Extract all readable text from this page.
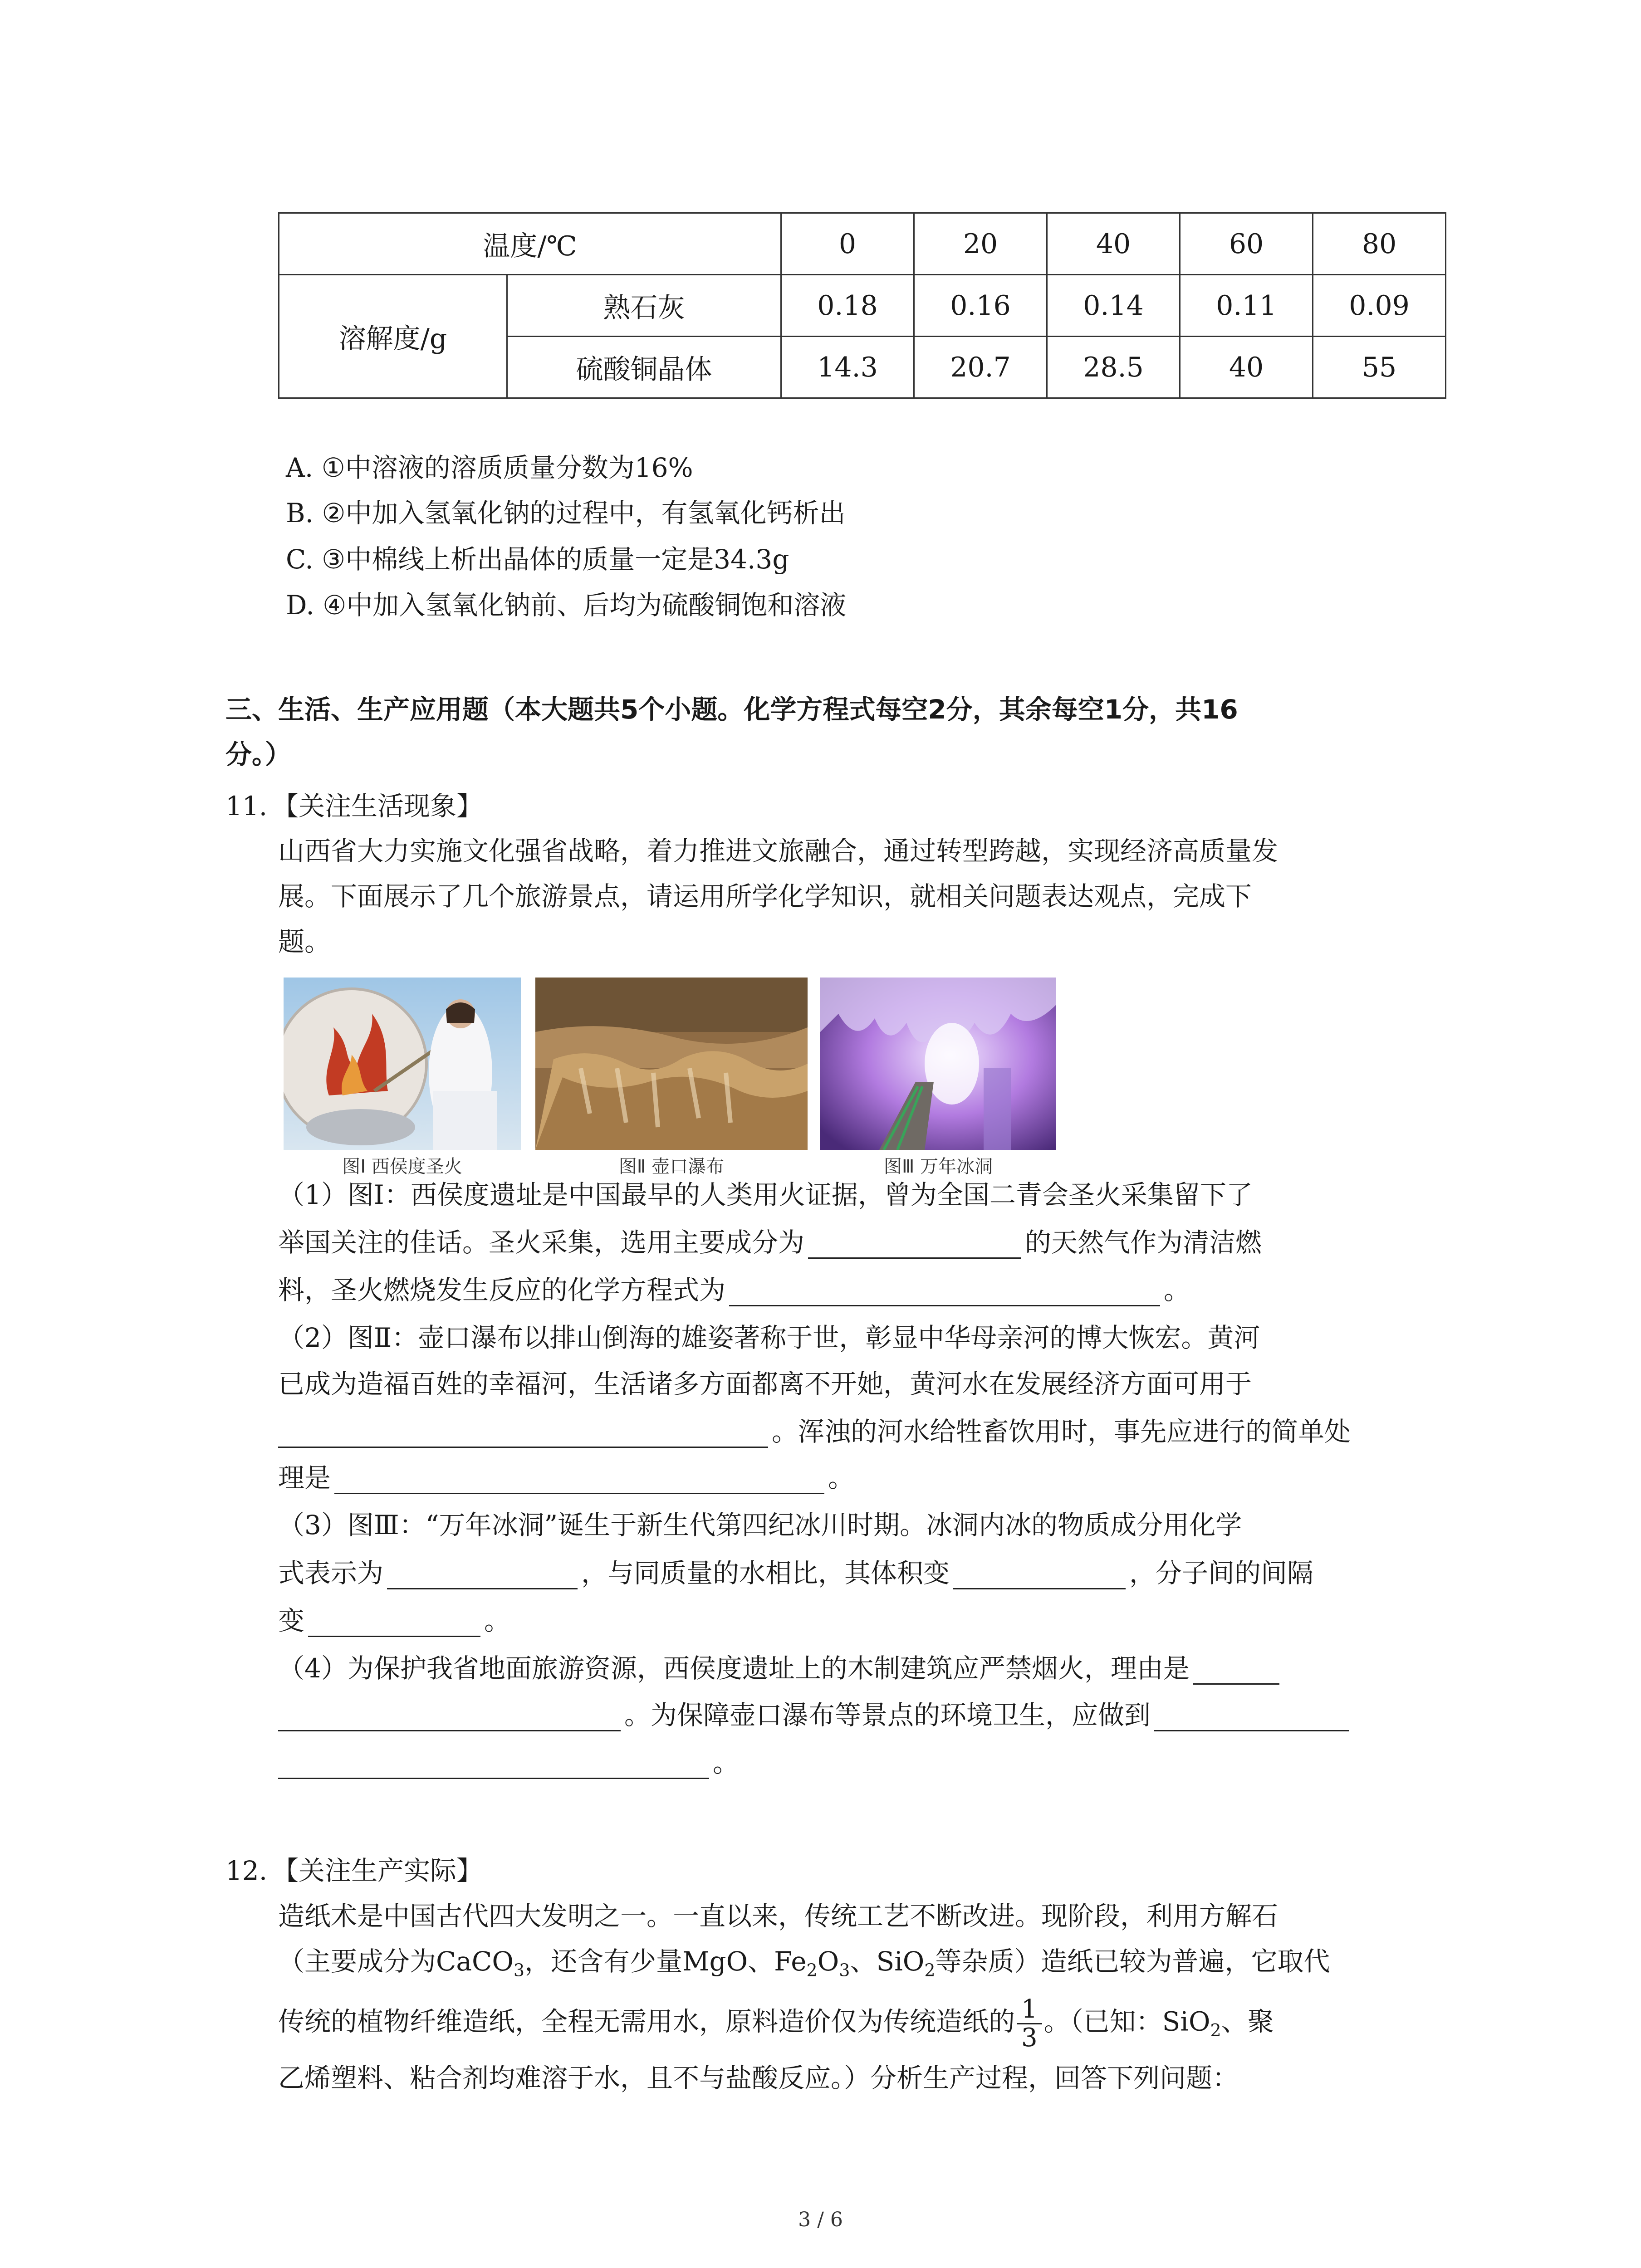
温度/℃		0	20	40	60	80
溶解度/g	熟石灰	0.18	0.16	0.14	0.11	0.09
	硫酸铜晶体	14.3	20.7	28.5	40	55
A. ①中溶液的溶质质量分数为16%
B. ②中加入氢氧化钠的过程中，有氢氧化钙析出
C. ③中棉线上析出晶体的质量一定是34.3g
D. ④中加入氢氧化钠前、后均为硫酸铜饱和溶液
三、生活、生产应用题（本大题共5个小题。化学方程式每空2分，其余每空1分，共16
分。）
11. 【关注生活现象】
山西省大力实施文化强省战略，着力推进文旅融合，通过转型跨越，实现经济高质量发
展。下面展示了几个旅游景点，请运用所学化学知识，就相关问题表达观点，完成下
题。
图Ⅰ 西侯度圣火	图Ⅱ 壶口瀑布	图Ⅲ 万年冰洞
（1）图Ⅰ：西侯度遗址是中国最早的人类用火证据，曾为全国二青会圣火采集留下了
举国关注的佳话。圣火采集，选用主要成分为	的天然气作为清洁燃
料，圣火燃烧发生反应的化学方程式为	。
（2）图Ⅱ：壶口瀑布以排山倒海的雄姿著称于世，彰显中华母亲河的博大恢宏。黄河
已成为造福百姓的幸福河，生活诸多方面都离不开她，黄河水在发展经济方面可用于
。浑浊的河水给牲畜饮用时，事先应进行的简单处
理是	。
（3）图Ⅲ：“万年冰洞”诞生于新生代第四纪冰川时期。冰洞内冰的物质成分用化学
式表示为	，与同质量的水相比，其体积变	，分子间的间隔
变	。
（4）为保护我省地面旅游资源，西侯度遗址上的木制建筑应严禁烟火，理由是
。为保障壶口瀑布等景点的环境卫生，应做到
。
12. 【关注生产实际】
造纸术是中国古代四大发明之一。一直以来，传统工艺不断改进。现阶段，利用方解石
（主要成分为CaCO$_3$，还含有少量MgO、$Fe_2O_3$、SiO$_2$等杂质）造纸已较为普遍，它取代
传统的植物纤维造纸，全程无需用水，原料造价仅为传统造纸的 $\frac{1}{3}$ 。（已知：SiO$_2$、聚
乙烯塑料、粘合剂均难溶于水，且不与盐酸反应。）分析生产过程，回答下列问题：
3 / 6
